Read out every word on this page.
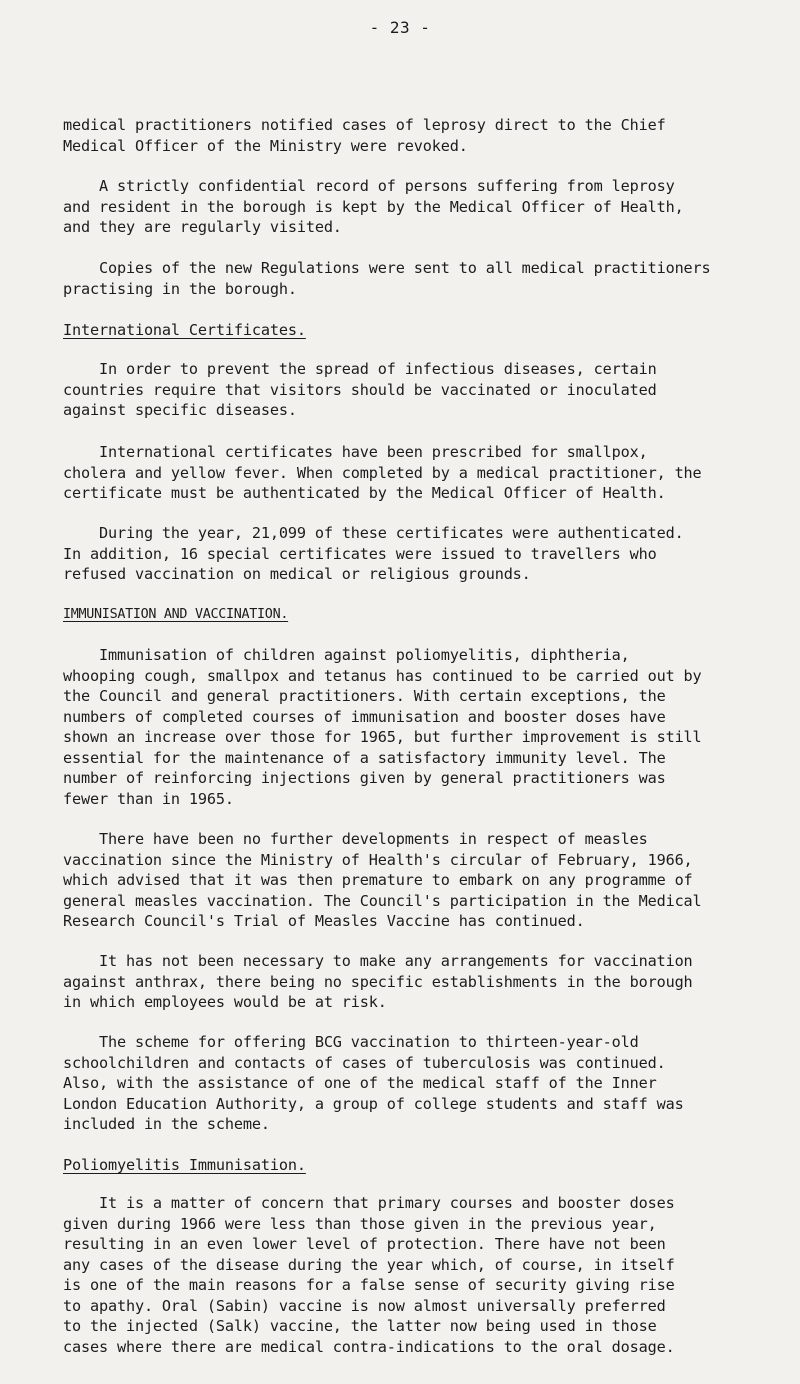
- 23 -
medical practitioners notified cases of leprosy direct to the Chief
Medical Officer of the Ministry were revoked.
A strictly confidential record of persons suffering from leprosy
and resident in the borough is kept by the Medical Officer of Health,
and they are regularly visited.
Copies of the new Regulations were sent to all medical practitioners
practising in the borough.
International Certificates.
In order to prevent the spread of infectious diseases, certain
countries require that visitors should be vaccinated or inoculated
against specific diseases.
International certificates have been prescribed for smallpox,
cholera and yellow fever. When completed by a medical practitioner, the
certificate must be authenticated by the Medical Officer of Health.
During the year, 21,099 of these certificates were authenticated.
In addition, 16 special certificates were issued to travellers who
refused vaccination on medical or religious grounds.
IMMUNISATION AND VACCINATION.
Immunisation of children against poliomyelitis, diphtheria,
whooping cough, smallpox and tetanus has continued to be carried out by
the Council and general practitioners. With certain exceptions, the
numbers of completed courses of immunisation and booster doses have
shown an increase over those for 1965, but further improvement is still
essential for the maintenance of a satisfactory immunity level. The
number of reinforcing injections given by general practitioners was
fewer than in 1965.
There have been no further developments in respect of measles
vaccination since the Ministry of Health's circular of February, 1966,
which advised that it was then premature to embark on any programme of
general measles vaccination. The Council's participation in the Medical
Research Council's Trial of Measles Vaccine has continued.
It has not been necessary to make any arrangements for vaccination
against anthrax, there being no specific establishments in the borough
in which employees would be at risk.
The scheme for offering BCG vaccination to thirteen-year-old
schoolchildren and contacts of cases of tuberculosis was continued.
Also, with the assistance of one of the medical staff of the Inner
London Education Authority, a group of college students and staff was
included in the scheme.
Poliomyelitis Immunisation.
It is a matter of concern that primary courses and booster doses
given during 1966 were less than those given in the previous year,
resulting in an even lower level of protection. There have not been
any cases of the disease during the year which, of course, in itself
is one of the main reasons for a false sense of security giving rise
to apathy. Oral (Sabin) vaccine is now almost universally preferred
to the injected (Salk) vaccine, the latter now being used in those
cases where there are medical contra-indications to the oral dosage.
